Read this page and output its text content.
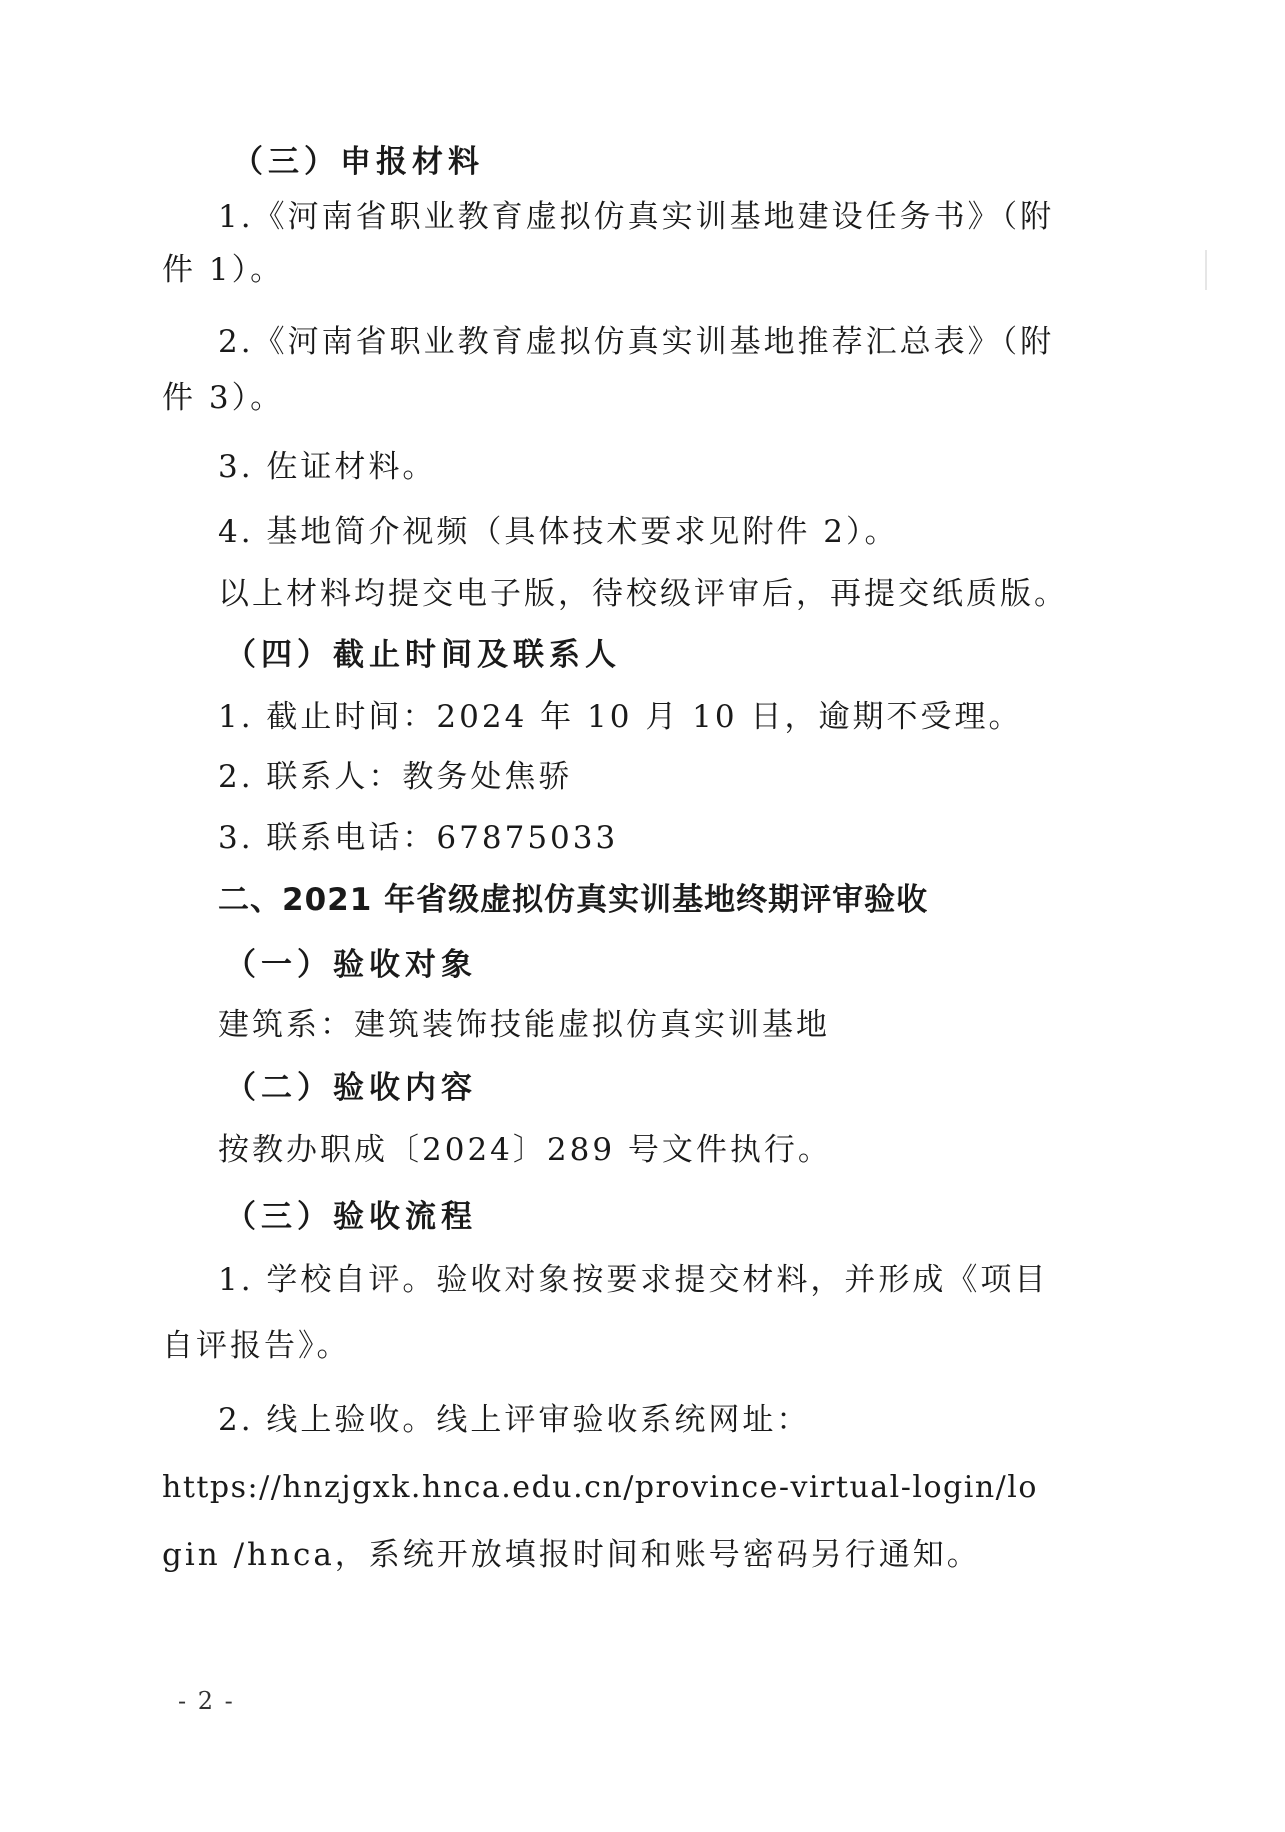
（三）申报材料
1.《河南省职业教育虚拟仿真实训基地建设任务书》（附
件 1）。
2.《河南省职业教育虚拟仿真实训基地推荐汇总表》（附
件 3）。
3. 佐证材料。
4. 基地简介视频（具体技术要求见附件 2）。
以上材料均提交电子版，待校级评审后，再提交纸质版。
（四）截止时间及联系人
1. 截止时间：2024 年 10 月 10 日，逾期不受理。
2. 联系人：教务处焦骄
3. 联系电话：67875033
二、2021 年省级虚拟仿真实训基地终期评审验收
（一）验收对象
建筑系：建筑装饰技能虚拟仿真实训基地
（二）验收内容
按教办职成〔2024〕289 号文件执行。
（三）验收流程
1. 学校自评。验收对象按要求提交材料，并形成《项目
自评报告》。
2. 线上验收。线上评审验收系统网址：
https://hnzjgxk.hnca.edu.cn/province-virtual-login/lo
gin /hnca，系统开放填报时间和账号密码另行通知。
- 2 -
